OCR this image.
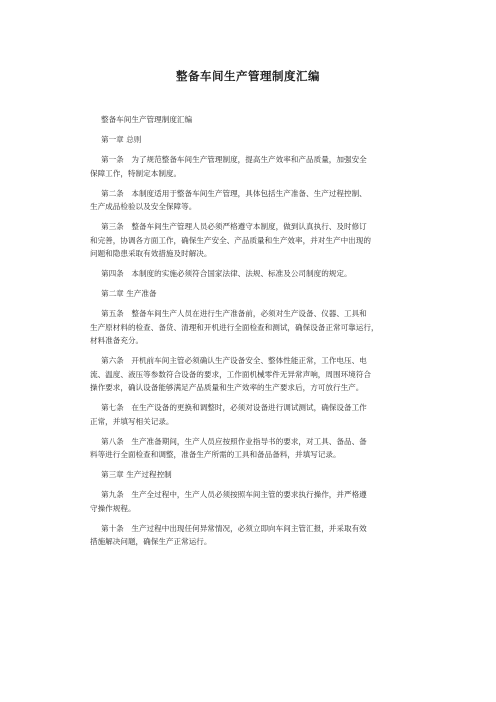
整备车间生产管理制度汇编

整备车间生产管理制度汇编

第一章 总则

第一条　为了规范整备车间生产管理制度，提高生产效率和产品质量，加强安全
保障工作，特制定本制度。

第二条　本制度适用于整备车间生产管理，具体包括生产准备、生产过程控制、
生产成品检验以及安全保障等。

第三条　整备车间生产管理人员必须严格遵守本制度，做到认真执行、及时修订
和完善，协调各方面工作，确保生产安全、产品质量和生产效率，并对生产中出现的
问题和隐患采取有效措施及时解决。

第四条　本制度的实施必须符合国家法律、法规、标准及公司制度的规定。

第二章 生产准备

第五条　整备车间生产人员在进行生产准备前，必须对生产设备、仪器、工具和
生产原材料的检查、备货、清理和开机进行全面检查和测试，确保设备正常可靠运行，
材料准备充分。

第六条　开机前车间主管必须确认生产设备安全、整体性能正常，工作电压、电
流、温度、液压等参数符合设备的要求，工作面机械零件无异常声响，周围环境符合
操作要求，确认设备能够满足产品质量和生产效率的生产要求后，方可放行生产。

第七条　在生产设备的更换和调整时，必须对设备进行调试测试，确保设备工作
正常，并填写相关记录。

第八条　生产准备期间，生产人员应按照作业指导书的要求，对工具、备品、备
料等进行全面检查和调整，准备生产所需的工具和备品备料，并填写记录。

第三章 生产过程控制

第九条　生产全过程中，生产人员必须按照车间主管的要求执行操作，并严格遵
守操作规程。

第十条　生产过程中出现任何异常情况，必须立即向车间主管汇报，并采取有效
措施解决问题，确保生产正常运行。
